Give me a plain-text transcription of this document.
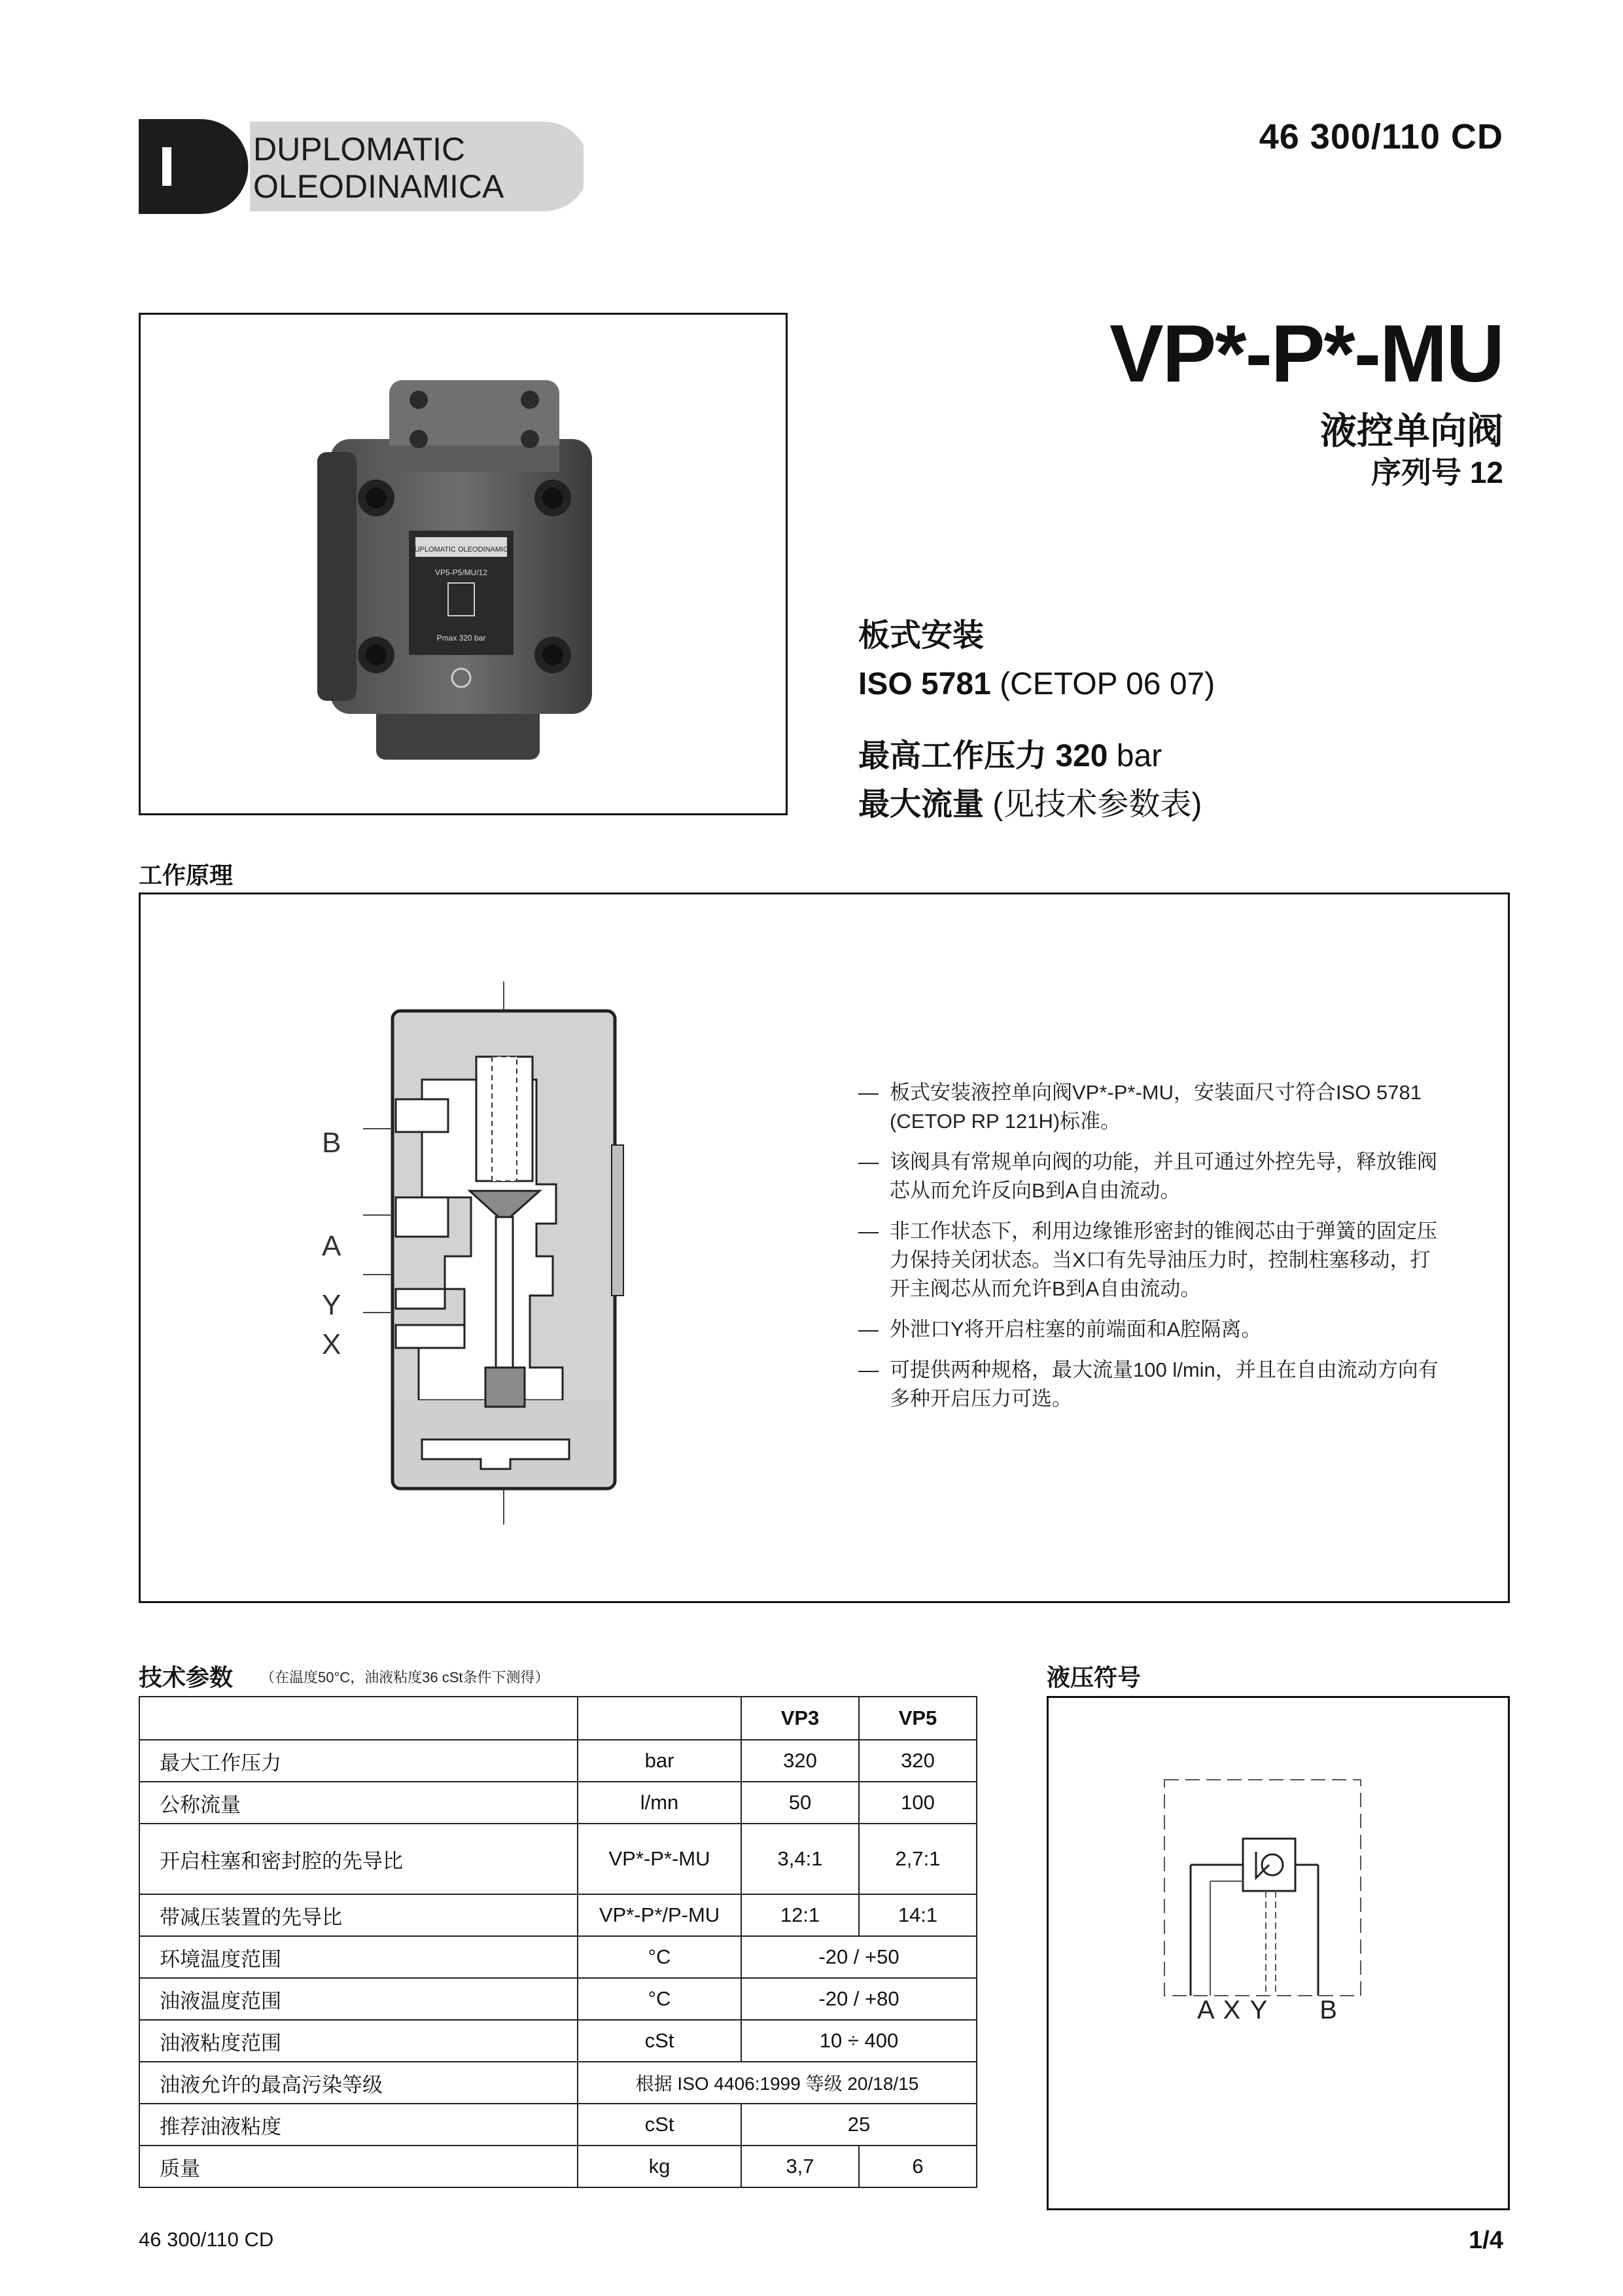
DUPLOMATIC
OLEODINAMICA
46 300/110 CD
DUPLOMATIC OLEODINAMICA
VP5-P5/MU/12
Pmax 320 bar
VP*-P*-MU
液控单向阀
序列号 12
板式安装
ISO 5781 (CETOP 06 07)
最高工作压力 320 bar
最大流量 (见技术参数表)
工作原理
B
A
Y
X
— 板式安装液控单向阀VP*-P*-MU，安装面尺寸符合ISO 5781 (CETOP RP 121H)标准。
— 该阀具有常规单向阀的功能，并且可通过外控先导，释放锥阀芯从而允许反向B到A自由流动。
— 非工作状态下，利用边缘锥形密封的锥阀芯由于弹簧的固定压力保持关闭状态。当X口有先导油压力时，控制柱塞移动，打开主阀芯从而允许B到A自由流动。
— 外泄口Y将开启柱塞的前端面和A腔隔离。
— 可提供两种规格，最大流量100 l/min，并且在自由流动方向有多种开启压力可选。
技术参数 （在温度50°C，油液粘度36 cSt条件下测得）
		VP3	VP5
最大工作压力	bar	320	320
公称流量	l/mn	50	100
开启柱塞和密封腔的先导比	VP*-P*-MU	3,4:1	2,7:1
带减压装置的先导比	VP*-P*/P-MU	12:1	14:1
环境温度范围	°C	-20 / +50	
油液温度范围	°C	-20 / +80	
油液粘度范围	cSt	10 ÷ 400	
油液允许的最高污染等级	根据 ISO 4406:1999 等级 20/18/15		
推荐油液粘度	cSt	25	
质量	kg	3,7	6
液压符号
A X Y      B
46 300/110 CD	1/4
